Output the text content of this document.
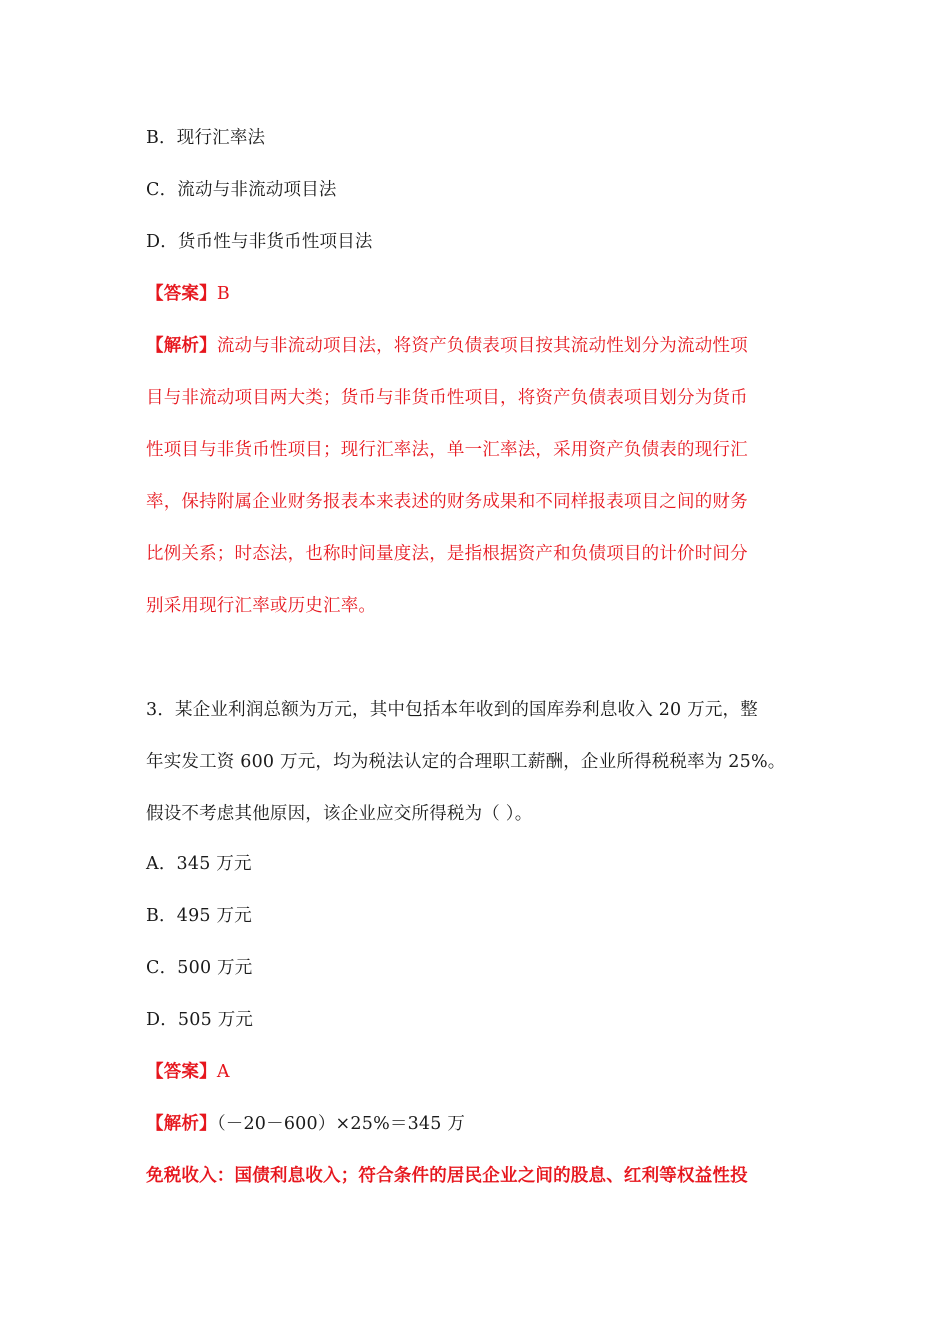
B．现行汇率法
C．流动与非流动项目法
D．货币性与非货币性项目法
【答案】B
【解析】流动与非流动项目法，将资产负债表项目按其流动性划分为流动性项
目与非流动项目两大类；货币与非货币性项目，将资产负债表项目划分为货币
性项目与非货币性项目；现行汇率法，单一汇率法，采用资产负债表的现行汇
率，保持附属企业财务报表本来表述的财务成果和不同样报表项目之间的财务
比例关系；时态法，也称时间量度法，是指根据资产和负债项目的计价时间分
别采用现行汇率或历史汇率。
3．某企业利润总额为万元，其中包括本年收到的国库券利息收入 20 万元，整
年实发工资 600 万元，均为税法认定的合理职工薪酬，企业所得税税率为 25%。
假设不考虑其他原因，该企业应交所得税为（ ）。
A．345 万元
B．495 万元
C．500 万元
D．505 万元
【答案】A
【解析】（－20－600）×25%＝345 万
免税收入：国债利息收入；符合条件的居民企业之间的股息、红利等权益性投
